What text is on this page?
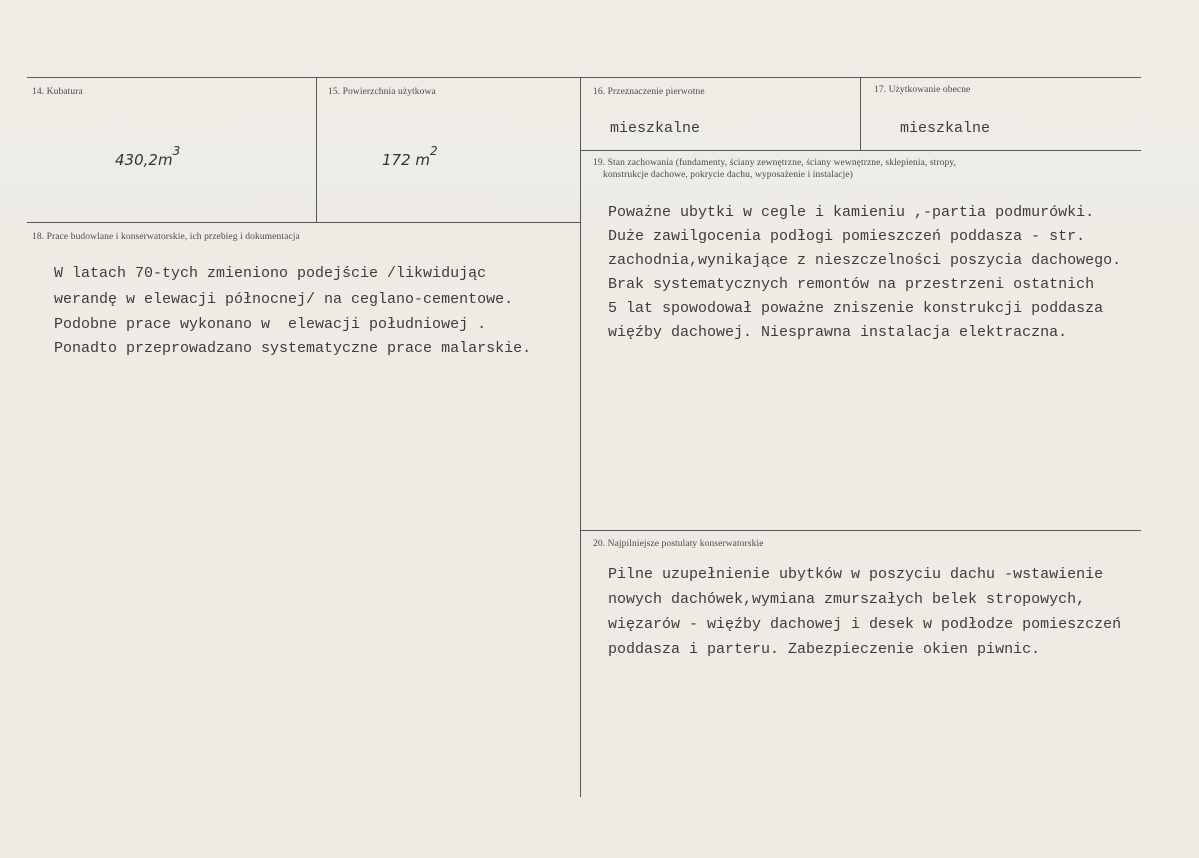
14. Kubatura
$430,2m^3$
15. Powierzchnia użytkowa
172 $m^2$
16. Przeznaczenie pierwotne
mieszkalne
17. Użytkowanie obecne
mieszkalne
18. Prace budowlane i konserwatorskie, ich przebieg i dokumentacja
W latach 70-tych zmieniono podejście /likwidując
werandę w elewacji północnej/ na ceglano-cementowe.
Podobne prace wykonano w  elewacji południowej .
Ponadto przeprowadzano systematyczne prace malarskie.
19. Stan zachowania (fundamenty, ściany zewnętrzne, ściany wewnętrzne, sklepienia, stropy,
konstrukcje dachowe, pokrycie dachu, wyposażenie i instalacje)
Poważne ubytki w cegle i kamieniu ,-partia podmurówki.
Duże zawilgocenia podłogi pomieszczeń poddasza - str.
zachodnia,wynikające z nieszczelności poszycia dachowego.
Brak systematycznych remontów na przestrzeni ostatnich
5 lat spowodował poważne zniszenie konstrukcji poddasza
więźby dachowej. Niesprawna instalacja elektraczna.
20. Najpilniejsze postulaty konserwatorskie
Pilne uzupełnienie ubytków w poszyciu dachu -wstawienie
nowych dachówek,wymiana zmurszałych belek stropowych,
więzarów - więźby dachowej i desek w podłodze pomieszczeń
poddasza i parteru. Zabezpieczenie okien piwnic.
